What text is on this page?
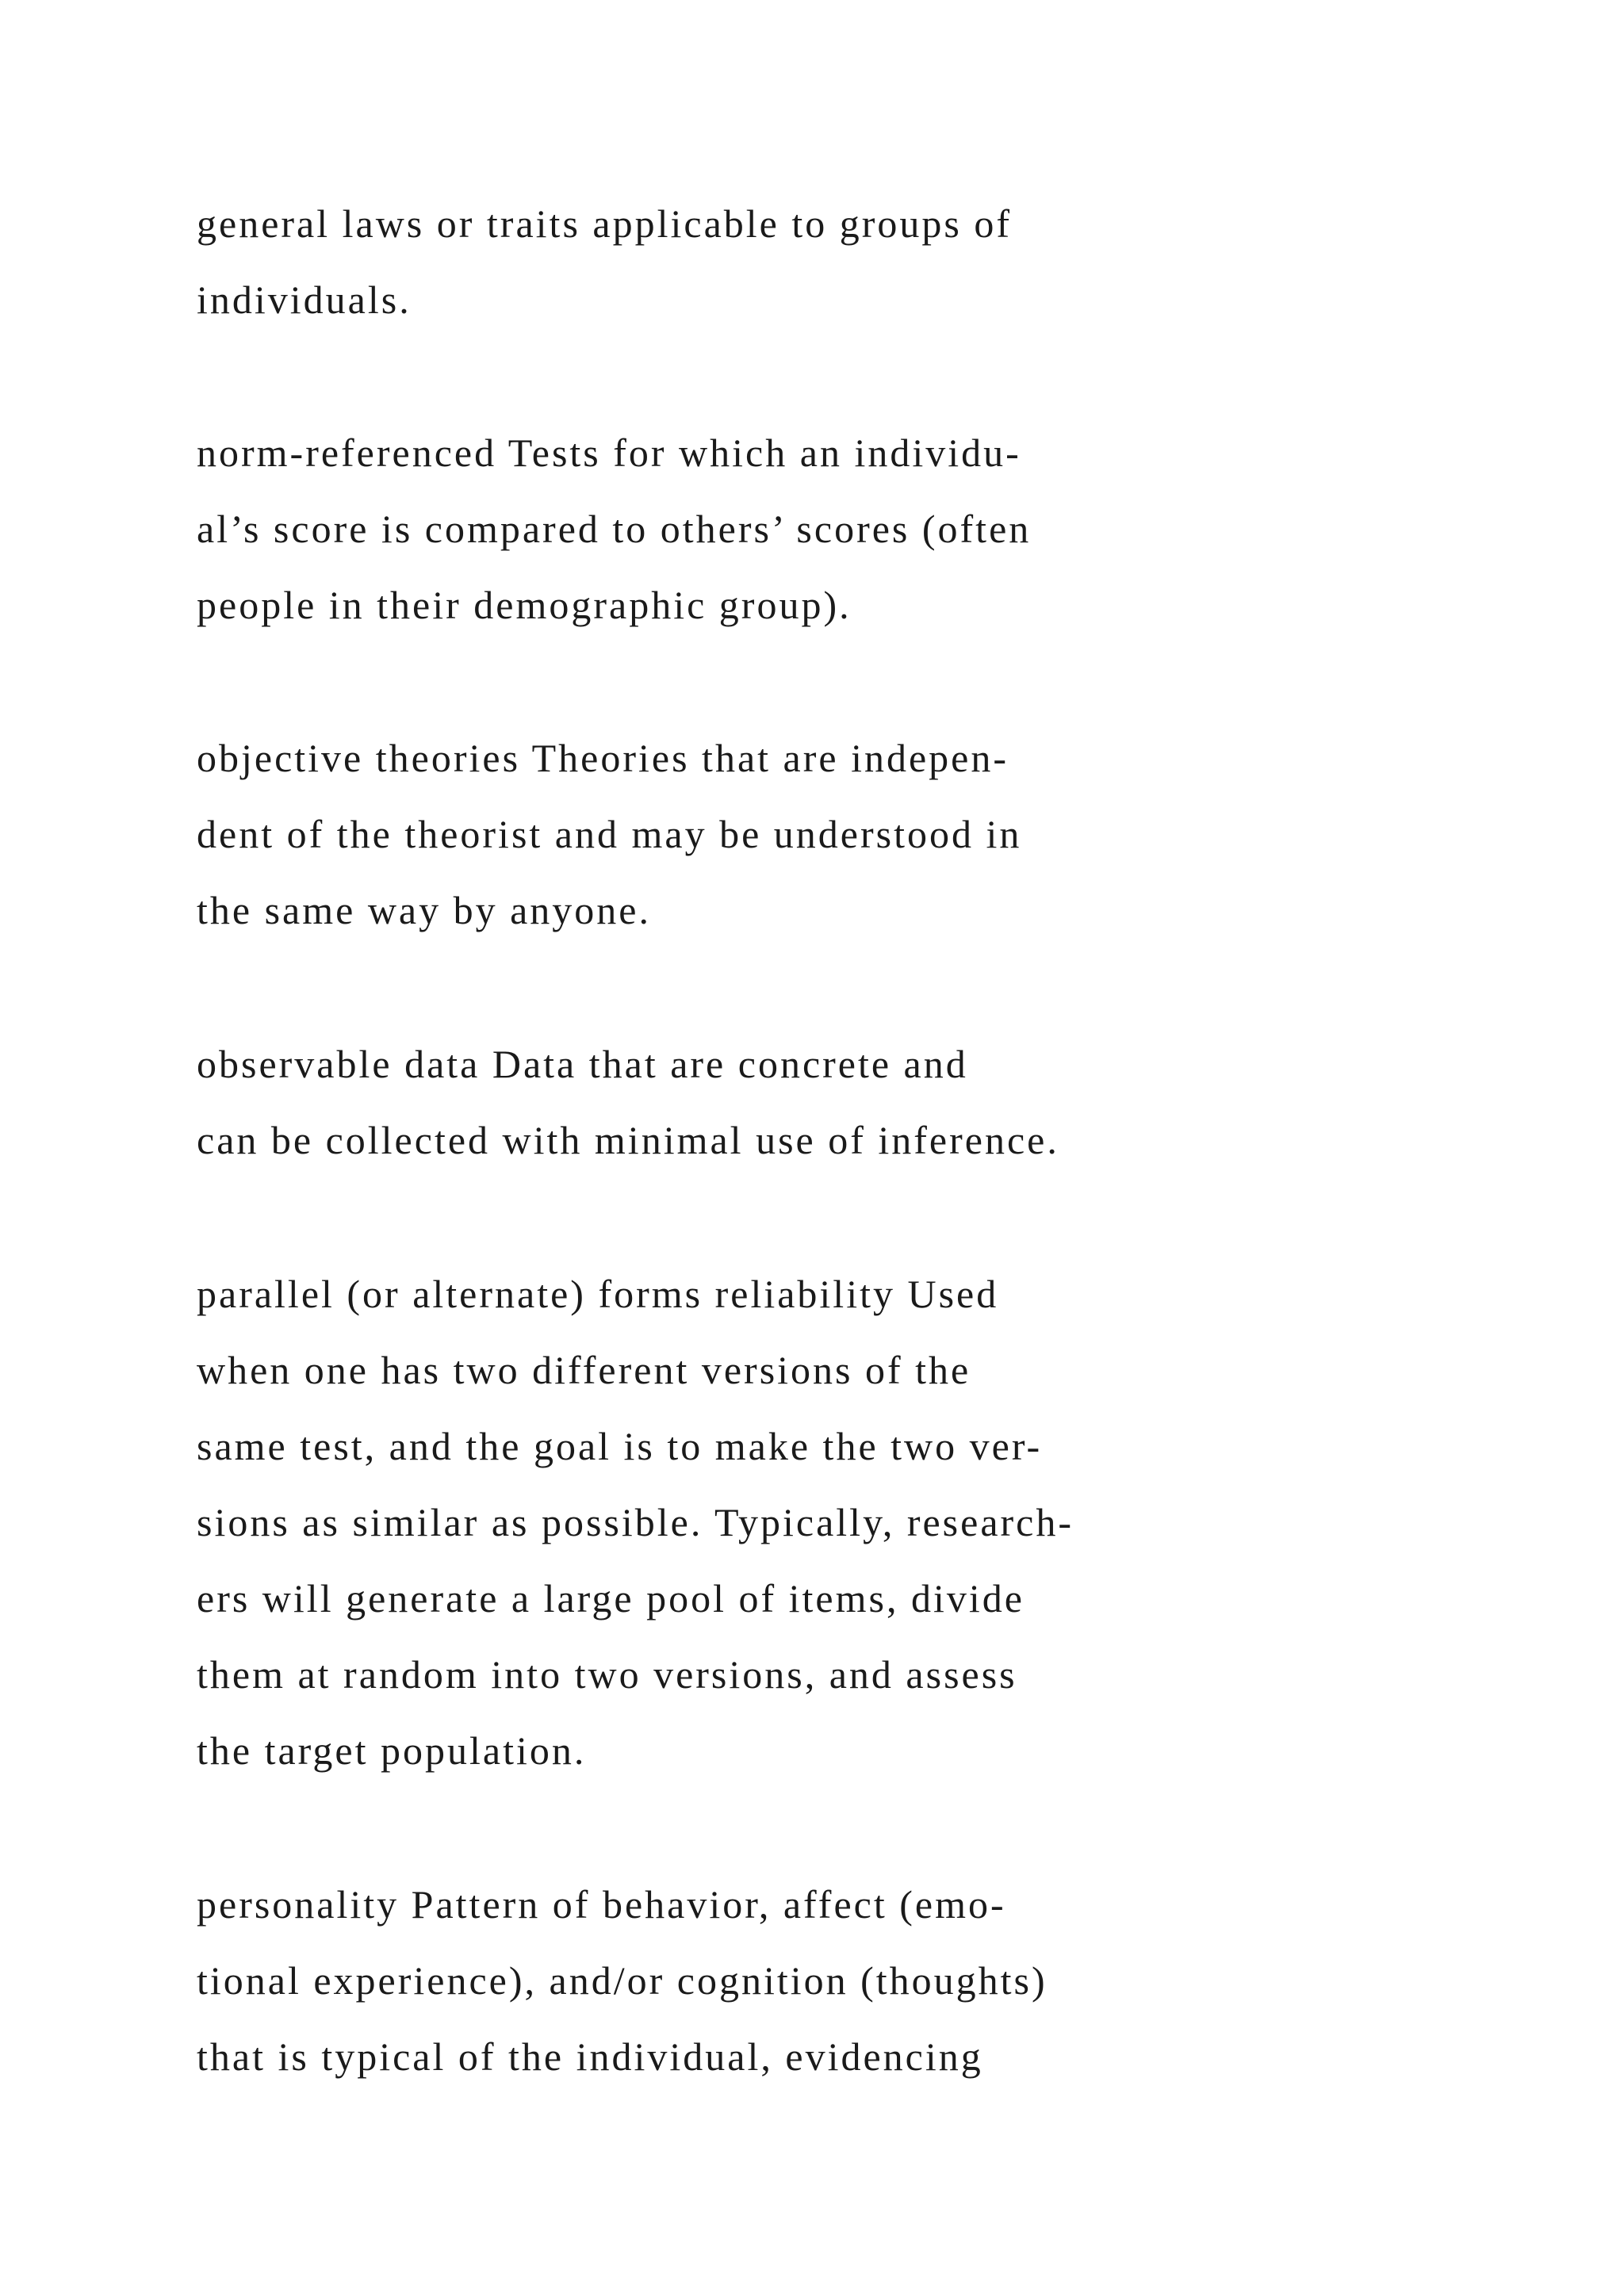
general laws or traits applicable to groups of
individuals.

norm-referenced Tests for which an individu-
al’s score is compared to others’ scores (often
people in their demographic group).

objective theories Theories that are indepen-
dent of the theorist and may be understood in
the same way by anyone.

observable data Data that are concrete and
can be collected with minimal use of inference.

parallel (or alternate) forms reliability Used
when one has two different versions of the
same test, and the goal is to make the two ver-
sions as similar as possible. Typically, research-
ers will generate a large pool of items, divide
them at random into two versions, and assess
the target population.

personality Pattern of behavior, affect (emo-
tional experience), and/or cognition (thoughts)
that is typical of the individual, evidencing
